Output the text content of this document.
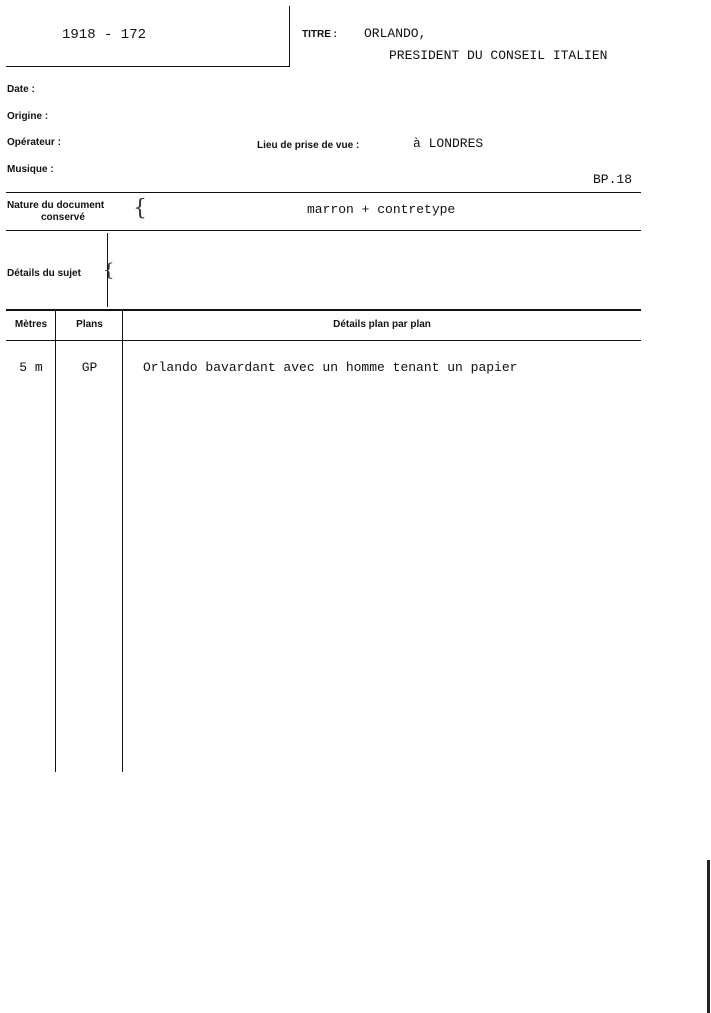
1918 - 172	TITRE : ORLANDO,
PRESIDENT DU CONSEIL ITALIEN
Date :
Origine :
Opérateur :	Lieu de prise de vue :	à LONDRES
Musique :
BP.18
Nature du document
conservé {	marron + contretype
Détails du sujet {
Mètres	Plans	Détails plan par plan
5 m	GP	Orlando bavardant avec un homme tenant un papier
